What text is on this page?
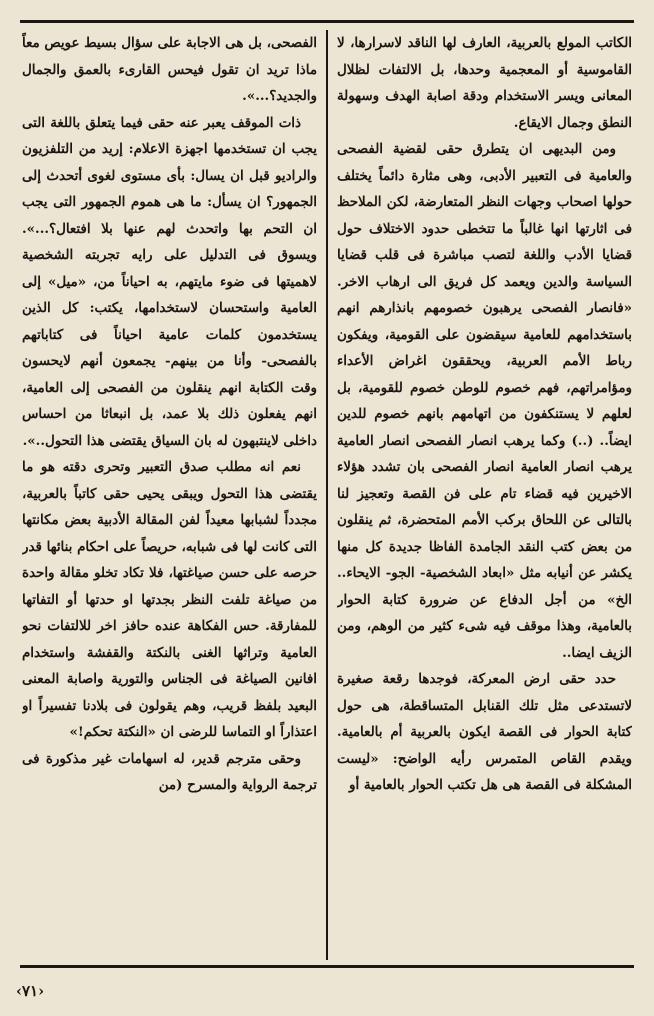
الكاتب المولع بالعربية، العارف لها الناقد لاسرارها، لا القاموسية أو المعجمية وحدها، بل الالتفات لظلال المعانى ويسر الاستخدام ودقة اصابة الهدف وسهولة النطق وجمال الايقاع.

ومن البديهى ان يتطرق حقى لقضية الفصحى والعامية فى التعبير الأدبى، وهى مثارة دائماً يختلف حولها اصحاب وجهات النظر المتعارضة، لكن الملاحظ فى اثارتها انها غالباً ما تتخطى حدود الاختلاف حول قضايا الأدب واللغة لتصب مباشرة فى قلب قضايا السياسة والدين ويعمد كل فريق الى ارهاب الاخر. «فانصار الفصحى يرهبون خصومهم بانذارهم انهم باستخدامهم للعامية سيقضون على القومية، ويفكون رباط الأمم العربية، ويحققون اغراض الأعداء ومؤامراتهم، فهم خصوم للوطن خصوم للقومية، بل لعلهم لا يستنكفون من اتهامهم بانهم خصوم للدين ايضاً.. (..) وكما يرهب انصار الفصحى انصار العامية يرهب انصار العامية انصار الفصحى بان تشدد هؤلاء الاخيرين فيه قضاء تام على فن القصة وتعجيز لنا بالتالى عن اللحاق بركب الأمم المتحضرة، ثم ينقلون من بعض كتب النقد الجامدة الفاظا جديدة كل منها يكشر عن أنيابه مثل «ابعاد الشخصية- الجو- الايحاء.. الخ» من أجل الدفاع عن ضرورة كتابة الحوار بالعامية، وهذا موقف فيه شىء كثير من الوهم، ومن الزيف ايضا..

حدد حقى ارض المعركة، فوجدها رقعة صغيرة لاتستدعى مثل تلك القنابل المتساقطة، هى حول كتابة الحوار فى القصة ايكون بالعربية أم بالعامية. ويقدم القاص المتمرس رأيه الواضح: «ليست المشكلة فى القصة هى هل تكتب الحوار بالعامية أو

الفصحى، بل هى الاجابة على سؤال بسيط عويص معاً ماذا تريد ان تقول فيحس القارىء بالعمق والجمال والجديد؟...».

ذات الموقف يعبر عنه حقى فيما يتعلق باللغة التى يجب ان تستخدمها اجهزة الاعلام: إريد من التلفزيون والراديو قبل ان يسال: بأى مستوى لغوى أتحدث إلى الجمهور؟ ان يسأل: ما هى هموم الجمهور التى يجب ان التحم بها واتحدث لهم عنها بلا افتعال؟...». ويسوق فى التدليل على رايه تجربته الشخصية لاهميتها فى ضوء مايتهم، به احياناً من، «ميل» إلى العامية واستحسان لاستخدامها، يكتب: كل الذين يستخدمون كلمات عامية احياناً فى كتاباتهم بالفصحى- وأنا من بينهم- يجمعون أنهم لايحسون وقت الكتابة انهم ينقلون من الفصحى إلى العامية، انهم يفعلون ذلك بلا عمد، بل انبعاثا من احساس داخلى لاينتبهون له بان السياق يقتضى هذا التحول..».

نعم انه مطلب صدق التعبير وتحرى دقته هو ما يقتضى هذا التحول ويبقى يحيى حقى كاتباً بالعربية، مجدداً لشبابها معيداً لفن المقالة الأدبية بعض مكانتها التى كانت لها فى شبابه، حريصاً على احكام بنائها قدر حرصه على حسن صياغتها، فلا تكاد تخلو مقالة واحدة من صياغة تلفت النظر بجدتها او حدتها أو التفاتها للمفارقة. حس الفكاهة عنده حافز اخر للالتفات نحو العامية وتراثها الغنى بالنكتة والقفشة واستخدام افانين الصياغة فى الجناس والتورية واصابة المعنى البعيد بلفظ قريب، وهم يقولون فى بلادنا تفسيراً او اعتذاراً او التماسا للرضى ان «النكتة تحكم!»

وحقى مترجم قدير، له اسهامات غير مذكورة فى ترجمة الرواية والمسرح (من

‹٧١›
